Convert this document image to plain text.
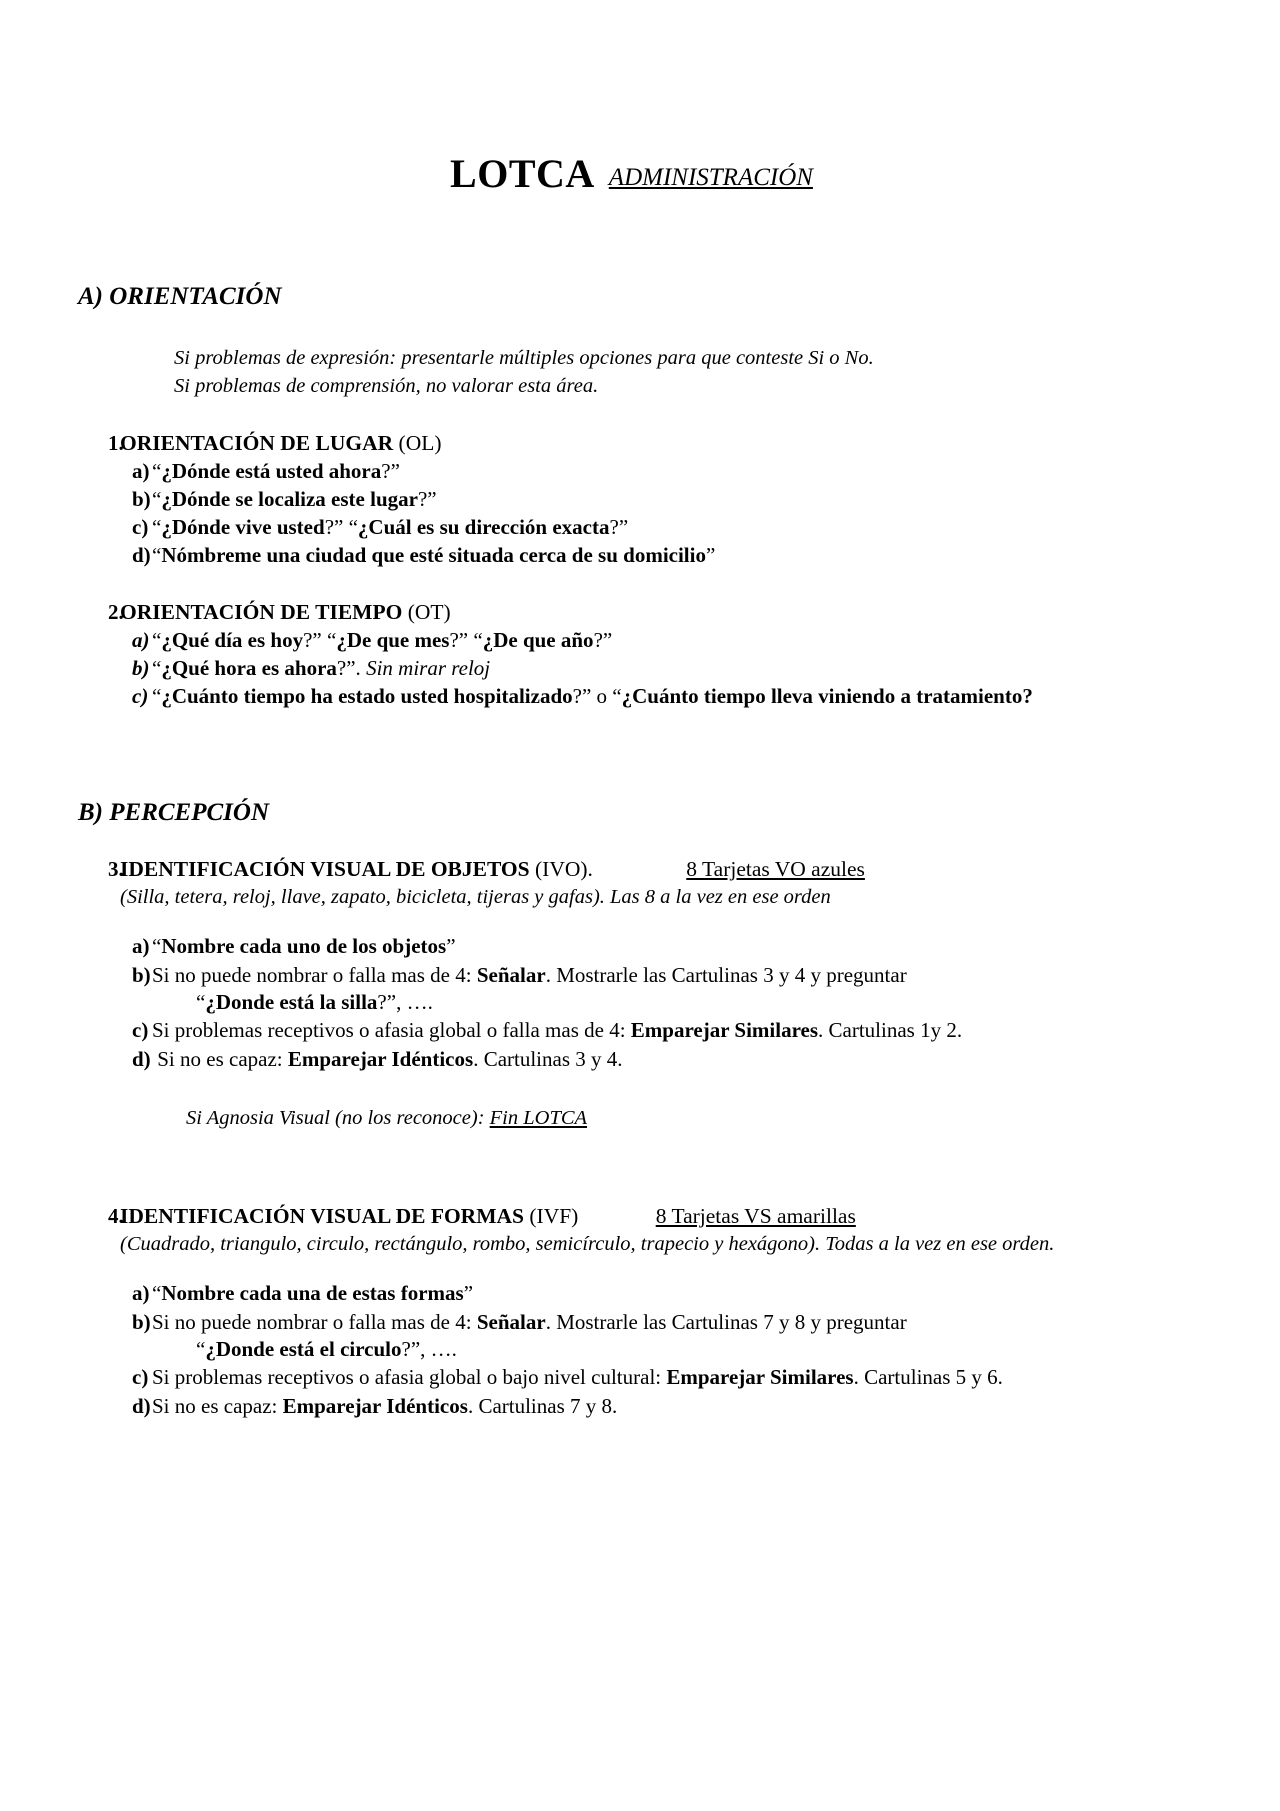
LOTCA ADMINISTRACIÓN
A) ORIENTACIÓN
Si problemas de expresión: presentarle múltiples opciones para que conteste Si o No.
Si problemas de comprensión, no valorar esta área.
1.

ORIENTACIÓN DE LUGAR (OL)

a) “¿Dónde está usted ahora?”
b) “¿Dónde se localiza este lugar?”
c) “¿Dónde vive usted?” “¿Cuál es su dirección exacta?”
d) “Nómbreme una ciudad que esté situada cerca de su domicilio”
2.

ORIENTACIÓN DE TIEMPO (OT)

a) “¿Qué día es hoy?” “¿De que mes?” “¿De que año?”
b) “¿Qué hora es ahora?”. Sin mirar reloj
c) “¿Cuánto tiempo ha estado usted hospitalizado?” o “¿Cuánto tiempo lleva viniendo a tratamiento?
B) PERCEPCIÓN
3.

IDENTIFICACIÓN VISUAL DE OBJETOS (IVO).	8 Tarjetas VO azules

(Silla, tetera, reloj, llave, zapato, bicicleta, tijeras y gafas). Las 8 a la vez en ese orden

a) “Nombre cada uno de los objetos”
b) Si no puede nombrar o falla mas de 4: Señalar. Mostrarle las Cartulinas 3 y 4 y preguntar
“¿Donde está la silla?”, ….
c) Si problemas receptivos o afasia global o falla mas de 4: Emparejar Similares. Cartulinas 1y 2.
d) Si no es capaz: Emparejar Idénticos. Cartulinas 3 y 4.

Si Agnosia Visual (no los reconoce): Fin LOTCA

4.

IDENTIFICACIÓN VISUAL DE FORMAS (IVF)	8 Tarjetas VS amarillas

(Cuadrado, triangulo, circulo, rectángulo, rombo, semicírculo, trapecio y hexágono). Todas a la vez en ese orden.

a) “Nombre cada una de estas formas”
b) Si no puede nombrar o falla mas de 4: Señalar. Mostrarle las Cartulinas 7 y 8 y preguntar
“¿Donde está el circulo?”, ….
c) Si problemas receptivos o afasia global o bajo nivel cultural: Emparejar Similares. Cartulinas 5 y 6.
d) Si no es capaz: Emparejar Idénticos. Cartulinas 7 y 8.
